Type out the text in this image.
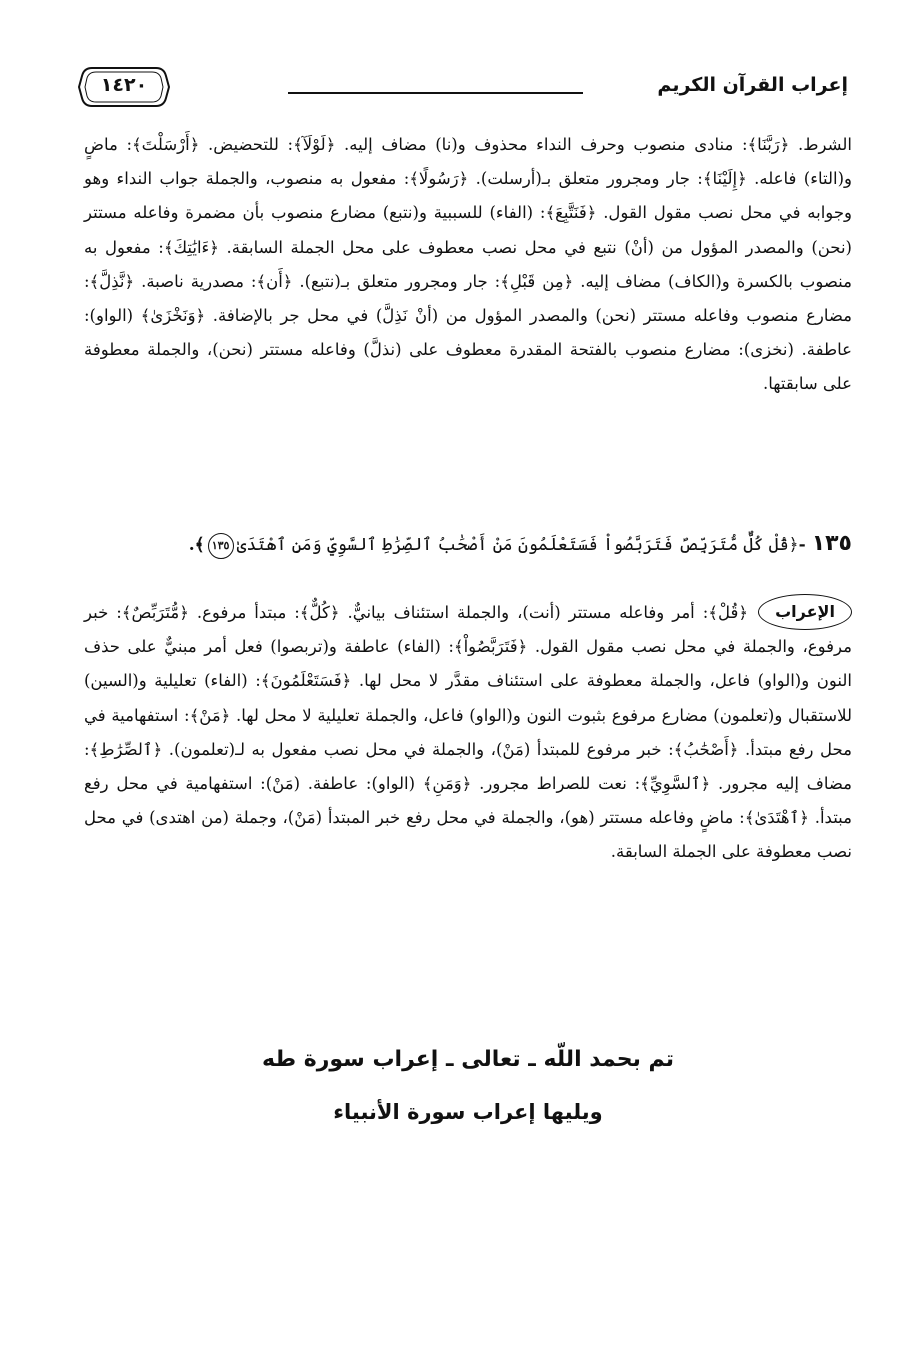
إعراب القرآن الكريم
١٤٢٠

الشرط. ﴿رَبَّنَا﴾: منادى منصوب وحرف النداء محذوف و(نا) مضاف إليه. ﴿لَوْلَآ﴾: للتحضيض. ﴿أَرْسَلْتَ﴾: ماضٍ و(التاء) فاعله. ﴿إِلَيْنَا﴾: جار ومجرور متعلق بـ(أرسلت). ﴿رَسُولًا﴾: مفعول به منصوب، والجملة جواب النداء وهو وجوابه في محل نصب مقول القول. ﴿فَنَتَّبِعَ﴾: (الفاء) للسببية و(نتبع) مضارع منصوب بأن مضمرة وفاعله مستتر (نحن) والمصدر المؤول من (أنْ) نتبع في محل نصب معطوف على محل الجملة السابقة. ﴿ءَايَٰتِكَ﴾: مفعول به منصوب بالكسرة و(الكاف) مضاف إليه. ﴿مِن قَبْلِ﴾: جار ومجرور متعلق بـ(نتبع). ﴿أَن﴾: مصدرية ناصبة. ﴿نَّذِلَّ﴾: مضارع منصوب وفاعله مستتر (نحن) والمصدر المؤول من (أنْ نَذِلَّ) في محل جر بالإضافة. ﴿وَنَخْزَىٰ﴾ (الواو): عاطفة. (نخزى): مضارع منصوب بالفتحة المقدرة معطوف على (نذلَّ) وفاعله مستتر (نحن)، والجملة معطوفة على سابقتها.

١٣٥-﴿قُلْ كُلٌّ مُّتَرَبِّصٌ فَتَرَبَّصُواْ فَسَتَعْلَمُونَ مَنْ أَصْحَٰبُ ٱلصِّرَٰطِ ٱلسَّوِيِّ وَمَنِ ٱهْتَدَىٰ١٣٥﴾.
الإعراب

﴿قُلْ﴾: أمر وفاعله مستتر (أنت)، والجملة استئناف بيانيٌّ. ﴿كُلٌّ﴾: مبتدأ مرفوع. ﴿مُّتَرَبِّصٌ﴾: خبر مرفوع، والجملة في محل نصب مقول القول. ﴿فَتَرَبَّصُواْ﴾: (الفاء) عاطفة و(تربصوا) فعل أمر مبنيٌّ على حذف النون و(الواو) فاعل، والجملة معطوفة على استئناف مقدَّر لا محل لها. ﴿فَسَتَعْلَمُونَ﴾: (الفاء) تعليلية و(السين) للاستقبال و(تعلمون) مضارع مرفوع بثبوت النون و(الواو) فاعل، والجملة تعليلية لا محل لها. ﴿مَنْ﴾: استفهامية في محل رفع مبتدأ. ﴿أَصْحَٰبُ﴾: خبر مرفوع للمبتدأ (مَنْ)، والجملة في محل نصب مفعول به لـ(تعلمون). ﴿ٱلصِّرَٰطِ﴾: مضاف إليه مجرور. ﴿ٱلسَّوِيِّ﴾: نعت للصراط مجرور. ﴿وَمَنِ﴾ (الواو): عاطفة. (مَنْ): استفهامية في محل رفع مبتدأ. ﴿ٱهْتَدَىٰ﴾: ماضٍ وفاعله مستتر (هو)، والجملة في محل رفع خبر المبتدأ (مَنْ)، وجملة (من اهتدى) في محل نصب معطوفة على الجملة السابقة.

تم بحمد اللّه ـ تعالى ـ إعراب سورة طه
ويليها إعراب سورة الأنبياء
